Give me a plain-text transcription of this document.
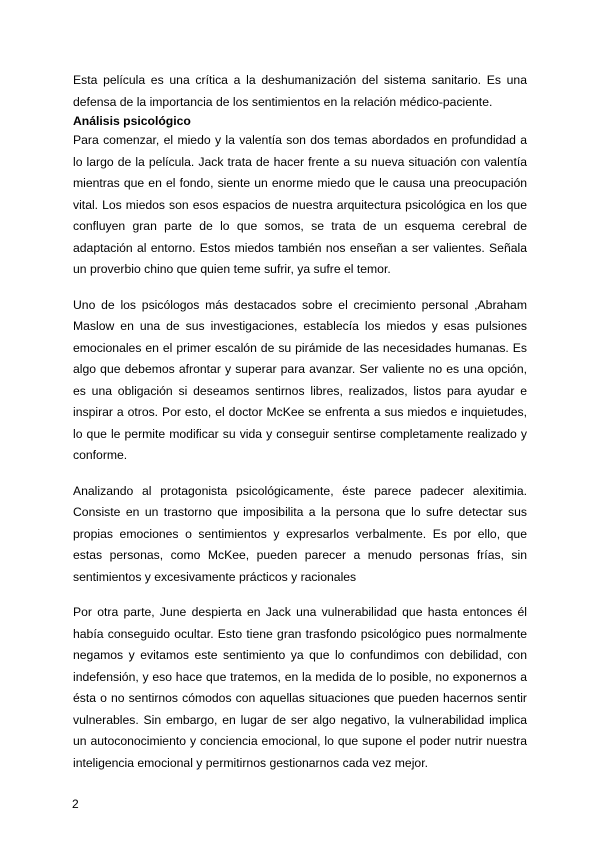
Esta película es una crítica a la deshumanización del sistema sanitario. Es una defensa de la importancia de los sentimientos en la relación médico-paciente.

Análisis psicológico

Para comenzar, el miedo y la valentía son dos temas abordados en profundidad a lo largo de la película. Jack trata de hacer frente a su nueva situación con valentía mientras que en el fondo, siente un enorme miedo que le causa una preocupación vital. Los miedos son esos espacios de nuestra arquitectura psicológica en los que confluyen gran parte de lo que somos, se trata de un esquema cerebral de adaptación al entorno. Estos miedos también nos enseñan a ser valientes. Señala un proverbio chino que quien teme sufrir, ya sufre el temor.

Uno de los psicólogos más destacados sobre el crecimiento personal ,Abraham Maslow en una de sus investigaciones, establecía los miedos y esas pulsiones emocionales en el primer escalón de su pirámide de las necesidades humanas. Es algo que debemos afrontar y superar para avanzar. Ser valiente no es una opción, es una obligación si deseamos sentirnos libres, realizados, listos para ayudar e inspirar a otros. Por esto, el doctor McKee se enfrenta a sus miedos e inquietudes, lo que le permite modificar su vida y conseguir sentirse completamente realizado y conforme.

Analizando al protagonista psicológicamente, éste parece padecer alexitimia. Consiste en un trastorno que imposibilita a la persona que lo sufre detectar sus propias emociones o sentimientos y expresarlos verbalmente. Es por ello, que estas personas, como McKee, pueden parecer a menudo personas frías, sin sentimientos y excesivamente prácticos y racionales

Por otra parte, June despierta en Jack una vulnerabilidad que hasta entonces él había conseguido ocultar. Esto tiene gran trasfondo psicológico pues normalmente negamos y evitamos este sentimiento ya que lo confundimos con debilidad, con indefensión, y eso hace que tratemos, en la medida de lo posible, no exponernos a ésta o no sentirnos cómodos con aquellas situaciones que pueden hacernos sentir vulnerables. Sin embargo, en lugar de ser algo negativo, la vulnerabilidad implica un autoconocimiento y conciencia emocional, lo que supone el poder nutrir nuestra inteligencia emocional y permitirnos gestionarnos cada vez mejor.

2
